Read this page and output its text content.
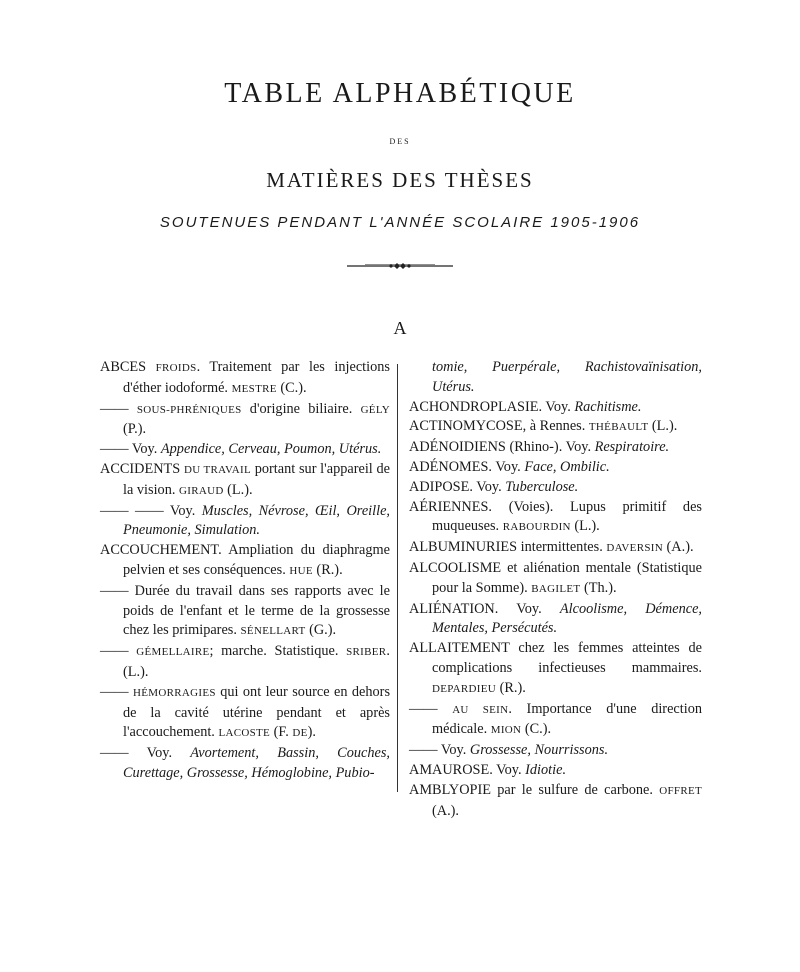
TABLE ALPHABÉTIQUE
DES
MATIÈRES DES THÈSES
SOUTENUES PENDANT L'ANNÉE SCOLAIRE 1905-1906
A

ABCES FROIDS. Traitement par les injections d'éther iodoformé. MESTRE (C.).

—— SOUS-PHRÉNIQUES d'origine biliaire. GÉLY (P.).

—— Voy. Appendice, Cerveau, Poumon, Utérus.

ACCIDENTS DU TRAVAIL portant sur l'appareil de la vision. GIRAUD (L.).

—— —— Voy. Muscles, Névrose, Œil, Oreille, Pneumonie, Simulation.

ACCOUCHEMENT. Ampliation du diaphragme pelvien et ses conséquences. HUE (R.).

—— Durée du travail dans ses rapports avec le poids de l'enfant et le terme de la grossesse chez les primipares. SÉNELLART (G.).

—— GÉMELLAIRE; marche. Statistique. SRIBER. (L.).

—— HÉMORRAGIES qui ont leur source en dehors de la cavité utérine pendant et après l'accouchement. LACOSTE (F. DE).

—— Voy. Avortement, Bassin, Couches, Curettage, Grossesse, Hémoglobine, Pubio-

tomie, Puerpérale, Rachistovaïnisation, Utérus.

ACHONDROPLASIE. Voy. Rachitisme.

ACTINOMYCOSE, à Rennes. THÉBAULT (L.).

ADÉNOIDIENS (Rhino-). Voy. Respiratoire.

ADÉNOMES. Voy. Face, Ombilic.

ADIPOSE. Voy. Tuberculose.

AÉRIENNES. (Voies). Lupus primitif des muqueuses. RABOURDIN (L.).

ALBUMINURIES intermittentes. DAVERSIN (A.).

ALCOOLISME et aliénation mentale (Statistique pour la Somme). BAGILET (Th.).

ALIÉNATION. Voy. Alcoolisme, Démence, Mentales, Persécutés.

ALLAITEMENT chez les femmes atteintes de complications infectieuses mammaires. DEPARDIEU (R.).

—— AU SEIN. Importance d'une direction médicale. MION (C.).

—— Voy. Grossesse, Nourrissons.

AMAUROSE. Voy. Idiotie.

AMBLYOPIE par le sulfure de carbone. OFFRET (A.).
